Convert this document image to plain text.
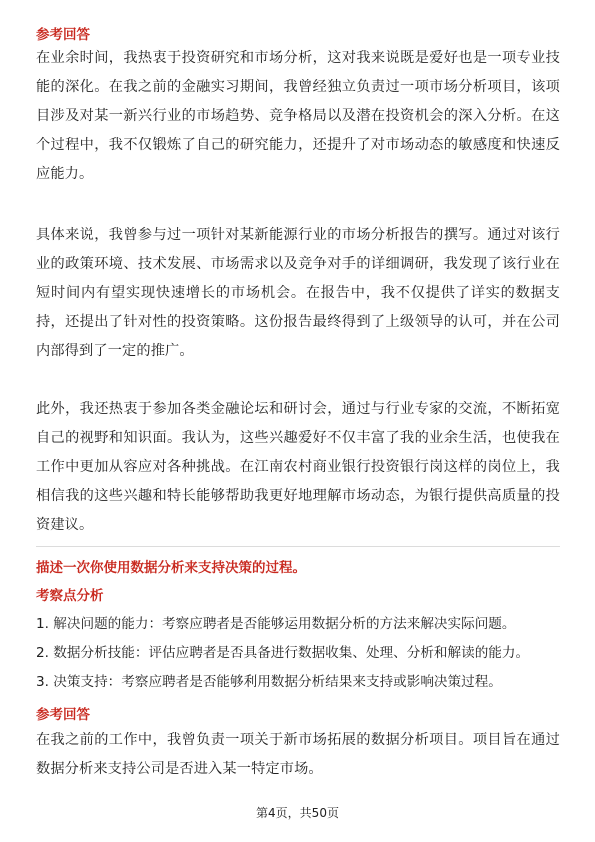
参考回答
在业余时间，我热衷于投资研究和市场分析，这对我来说既是爱好也是一项专业技能的深化。在我之前的金融实习期间，我曾经独立负责过一项市场分析项目，该项目涉及对某一新兴行业的市场趋势、竞争格局以及潜在投资机会的深入分析。在这个过程中，我不仅锻炼了自己的研究能力，还提升了对市场动态的敏感度和快速反应能力。
具体来说，我曾参与过一项针对某新能源行业的市场分析报告的撰写。通过对该行业的政策环境、技术发展、市场需求以及竞争对手的详细调研，我发现了该行业在短时间内有望实现快速增长的市场机会。在报告中，我不仅提供了详实的数据支持，还提出了针对性的投资策略。这份报告最终得到了上级领导的认可，并在公司内部得到了一定的推广。
此外，我还热衷于参加各类金融论坛和研讨会，通过与行业专家的交流，不断拓宽自己的视野和知识面。我认为，这些兴趣爱好不仅丰富了我的业余生活，也使我在工作中更加从容应对各种挑战。在江南农村商业银行投资银行岗这样的岗位上，我相信我的这些兴趣和特长能够帮助我更好地理解市场动态，为银行提供高质量的投资建议。
描述一次你使用数据分析来支持决策的过程。
考察点分析
1. 解决问题的能力：考察应聘者是否能够运用数据分析的方法来解决实际问题。
2. 数据分析技能：评估应聘者是否具备进行数据收集、处理、分析和解读的能力。
3. 决策支持：考察应聘者是否能够利用数据分析结果来支持或影响决策过程。
参考回答
在我之前的工作中，我曾负责一项关于新市场拓展的数据分析项目。项目旨在通过数据分析来支持公司是否进入某一特定市场。
第4页，共50页
